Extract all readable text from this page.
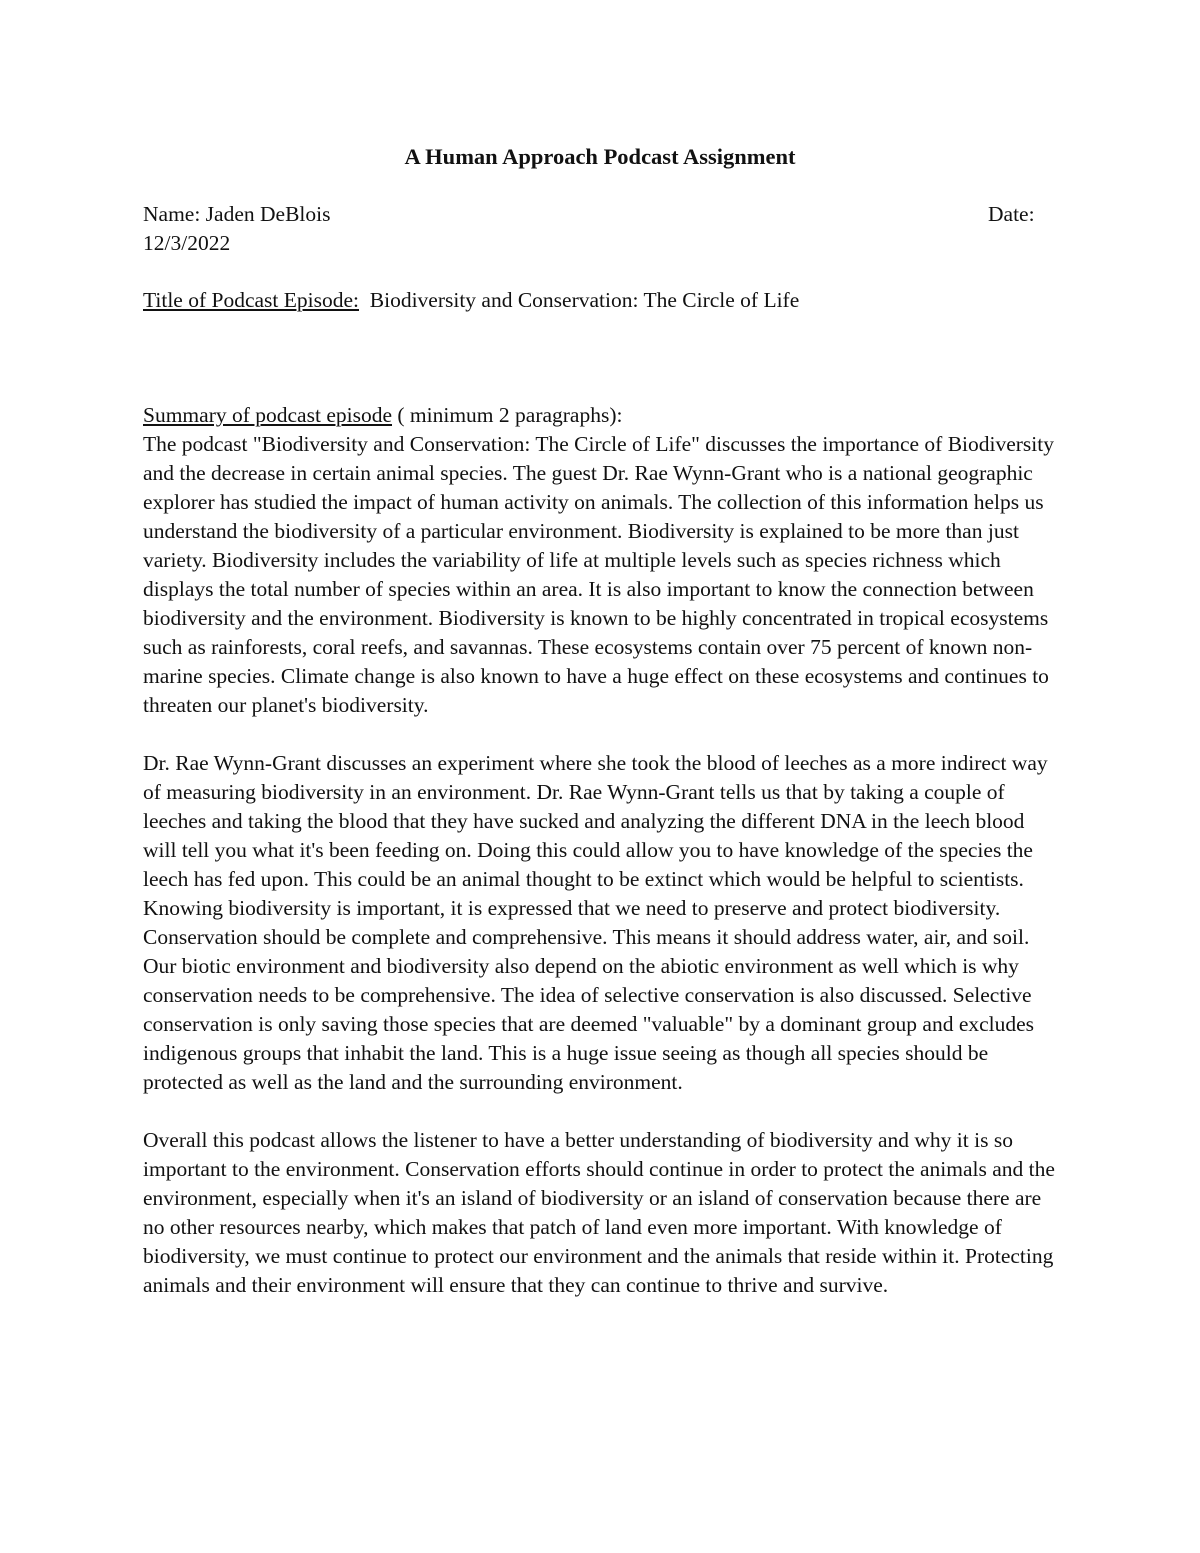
A Human Approach Podcast Assignment
Name: Jaden DeBlois	Date:
12/3/2022
Title of Podcast Episode: Biodiversity and Conservation: The Circle of Life
Summary of podcast episode ( minimum 2 paragraphs):

The podcast "Biodiversity and Conservation: The Circle of Life" discusses the importance of Biodiversity and the decrease in certain animal species. The guest Dr. Rae Wynn-Grant who is a national geographic explorer has studied the impact of human activity on animals. The collection of this information helps us understand the biodiversity of a particular environment. Biodiversity is explained to be more than just variety. Biodiversity includes the variability of life at multiple levels such as species richness which displays the total number of species within an area. It is also important to know the connection between biodiversity and the environment. Biodiversity is known to be highly concentrated in tropical ecosystems such as rainforests, coral reefs, and savannas. These ecosystems contain over 75 percent of known non-marine species. Climate change is also known to have a huge effect on these ecosystems and continues to threaten our planet's biodiversity.

Dr. Rae Wynn-Grant discusses an experiment where she took the blood of leeches as a more indirect way of measuring biodiversity in an environment. Dr. Rae Wynn-Grant tells us that by taking a couple of leeches and taking the blood that they have sucked and analyzing the different DNA in the leech blood will tell you what it's been feeding on. Doing this could allow you to have knowledge of the species the leech has fed upon. This could be an animal thought to be extinct which would be helpful to scientists. Knowing biodiversity is important, it is expressed that we need to preserve and protect biodiversity. Conservation should be complete and comprehensive. This means it should address water, air, and soil. Our biotic environment and biodiversity also depend on the abiotic environment as well which is why conservation needs to be comprehensive. The idea of selective conservation is also discussed. Selective conservation is only saving those species that are deemed "valuable" by a dominant group and excludes indigenous groups that inhabit the land. This is a huge issue seeing as though all species should be protected as well as the land and the surrounding environment.

Overall this podcast allows the listener to have a better understanding of biodiversity and why it is so important to the environment. Conservation efforts should continue in order to protect the animals and the environment, especially when it's an island of biodiversity or an island of conservation because there are no other resources nearby, which makes that patch of land even more important. With knowledge of biodiversity, we must continue to protect our environment and the animals that reside within it. Protecting animals and their environment will ensure that they can continue to thrive and survive.
